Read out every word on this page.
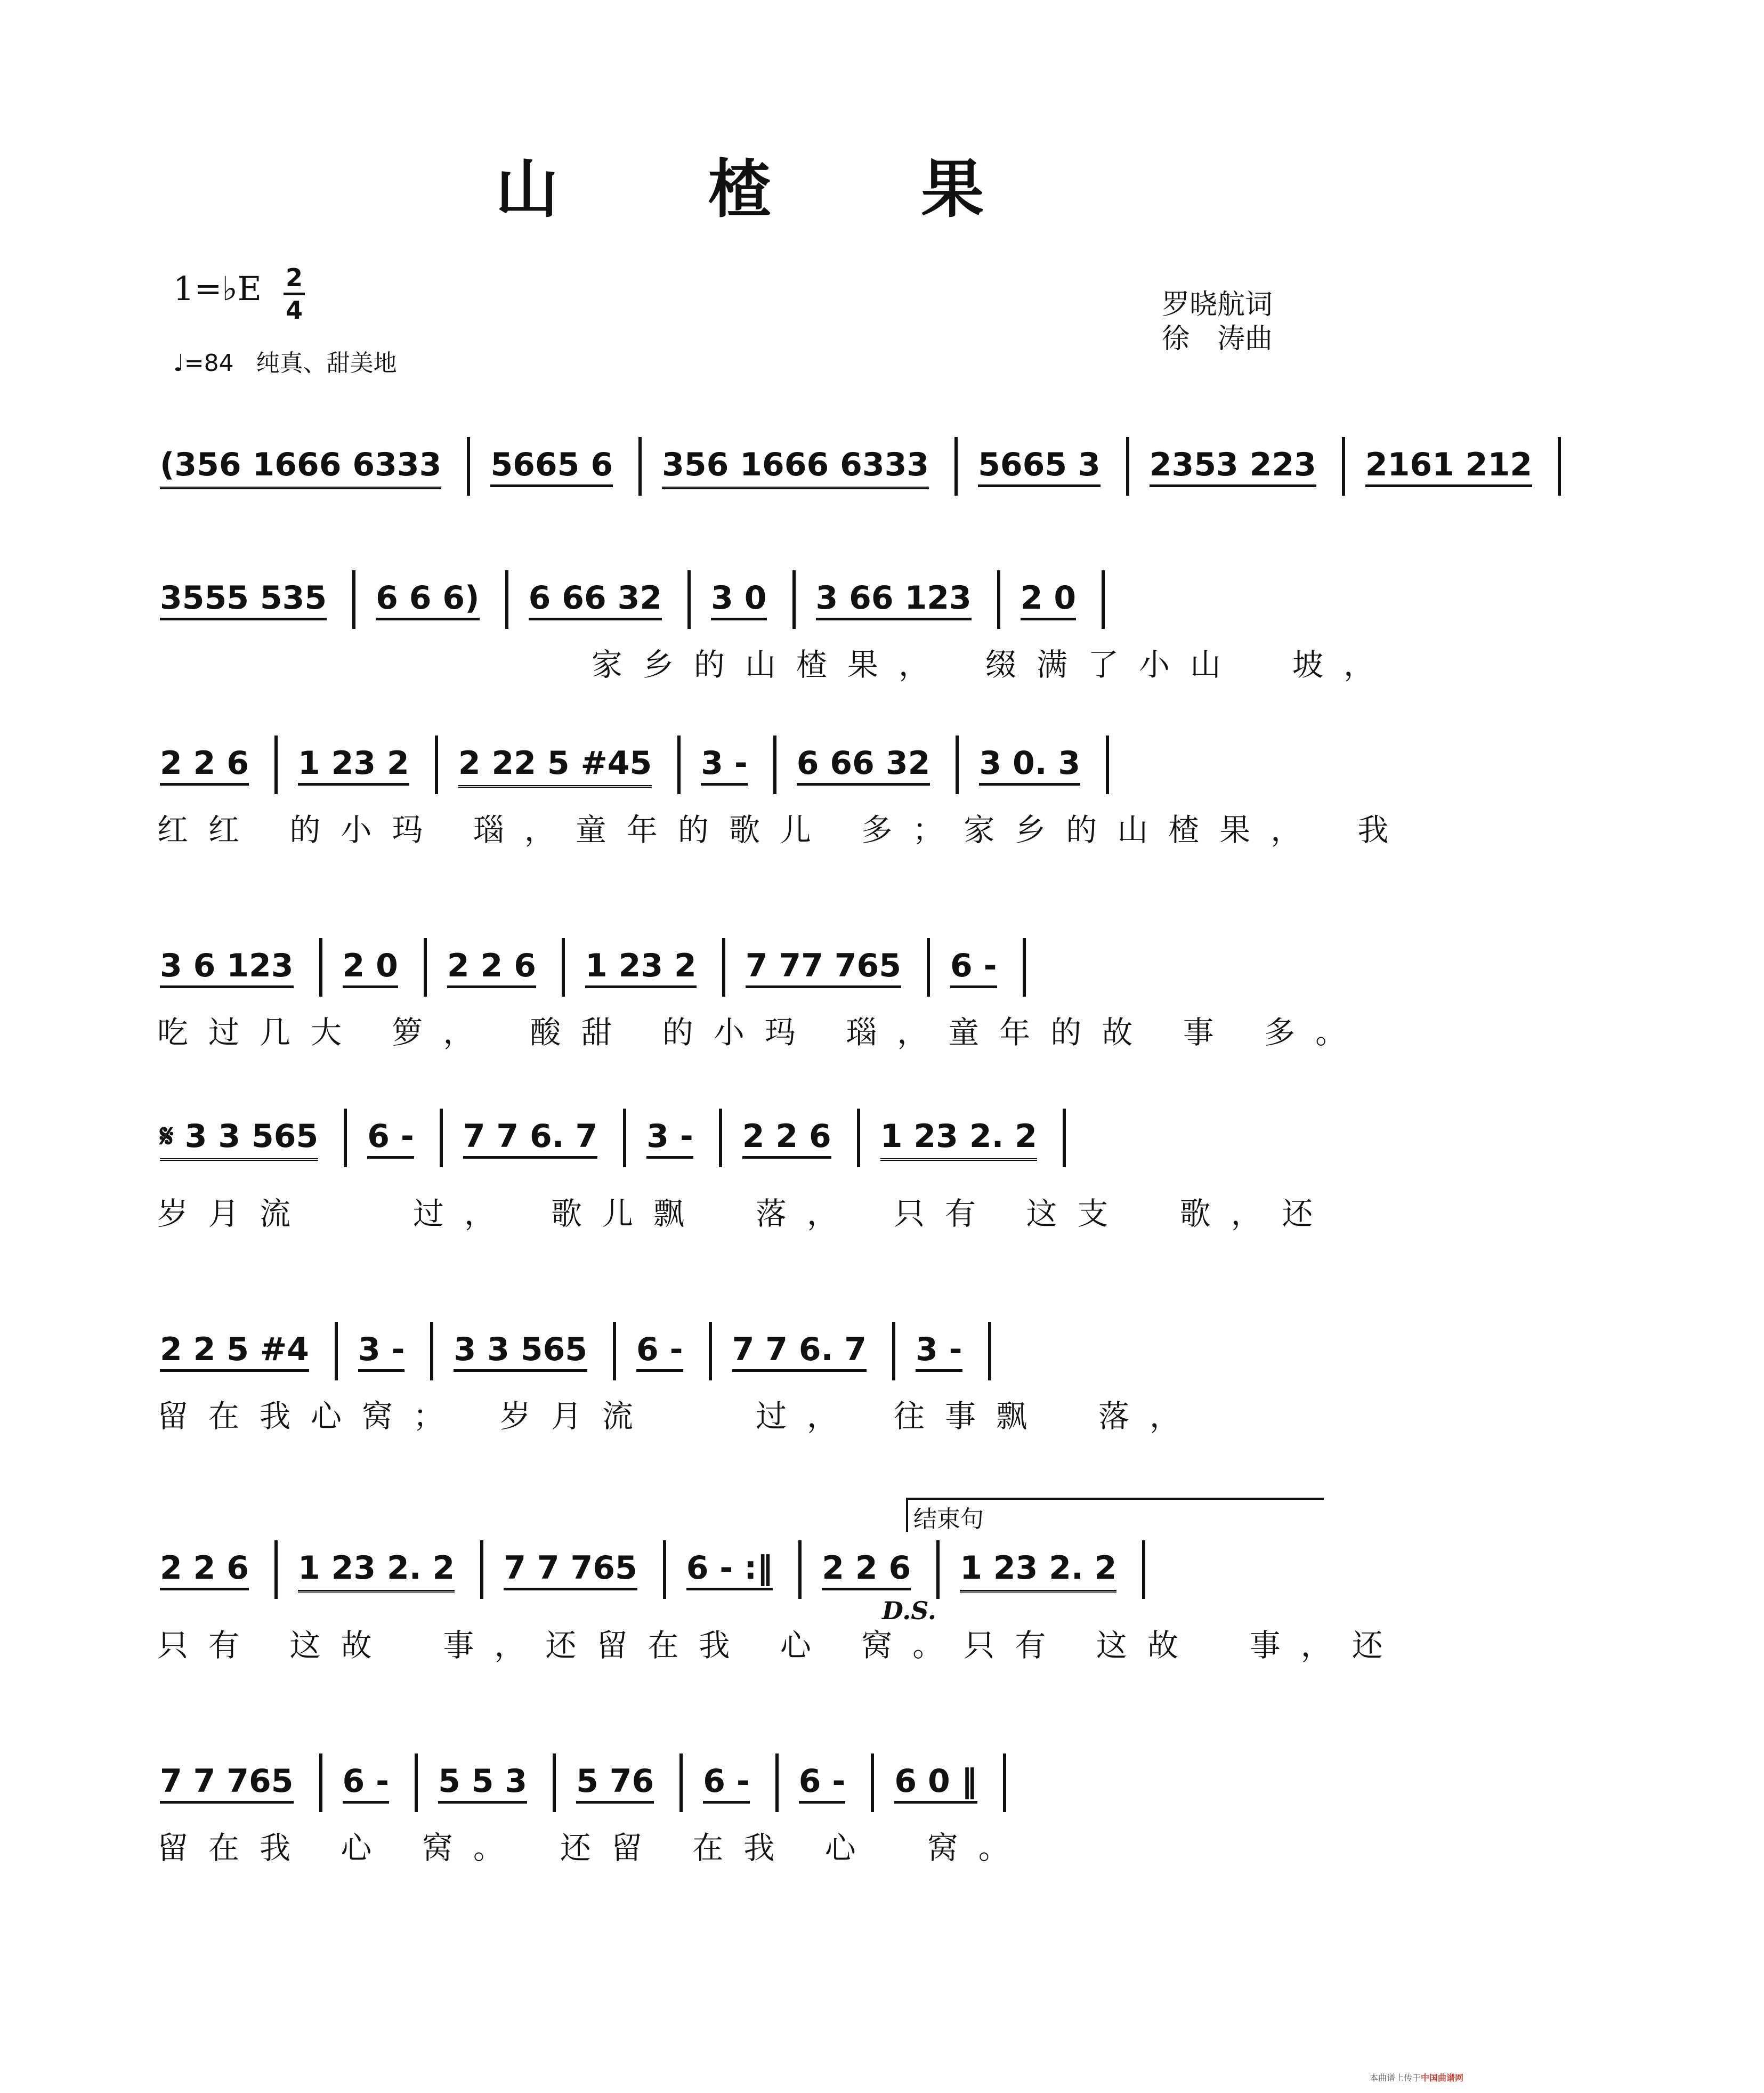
山 楂 果
1=♭E 2
4
♩=84 纯真、甜美地
罗晓航词
徐　涛曲
(356 1666 6333 5665 6 356 1666 6333 5665 3 2353 223 2161 212
3555 535 6 6 6) 6 66 32 3 0 3 66 123 2 0
家乡的山楂果，　缀满了小山　坡，
2 2 6 1 23 2 2 22 5 #45 3 - 6 66 32 3 0. 3
红红 的小玛 瑙，童年的歌儿 多；家乡的山楂果，　我
3 6 123 2 0 2 2 6 1 23 2 7 77 765 6 -
吃过几大 箩，　酸甜 的小玛 瑙，童年的故 事 多。
𝄋 3 3 565 6 - 7 7 6. 7 3 - 2 2 6 1 23 2. 2
岁月流　　过，　歌儿飘　落，　只有 这支　歌，还
2 2 5 #4 3 - 3 3 565 6 - 7 7 6. 7 3 -
留在我心窝；　岁月流　　过，　往事飘　落，
结束句
2 2 6 1 23 2. 2 7 7 765 6 - :‖ 2 2 6 1 23 2. 2
D.S.
只有 这故　事，还留在我 心 窝。只有 这故　事，还
7 7 765 6 - 5 5 3 5 76 6 - 6 - 6 0 ‖
留在我 心 窝。　还留 在我 心　窝。
本曲谱上传于中国曲谱网
